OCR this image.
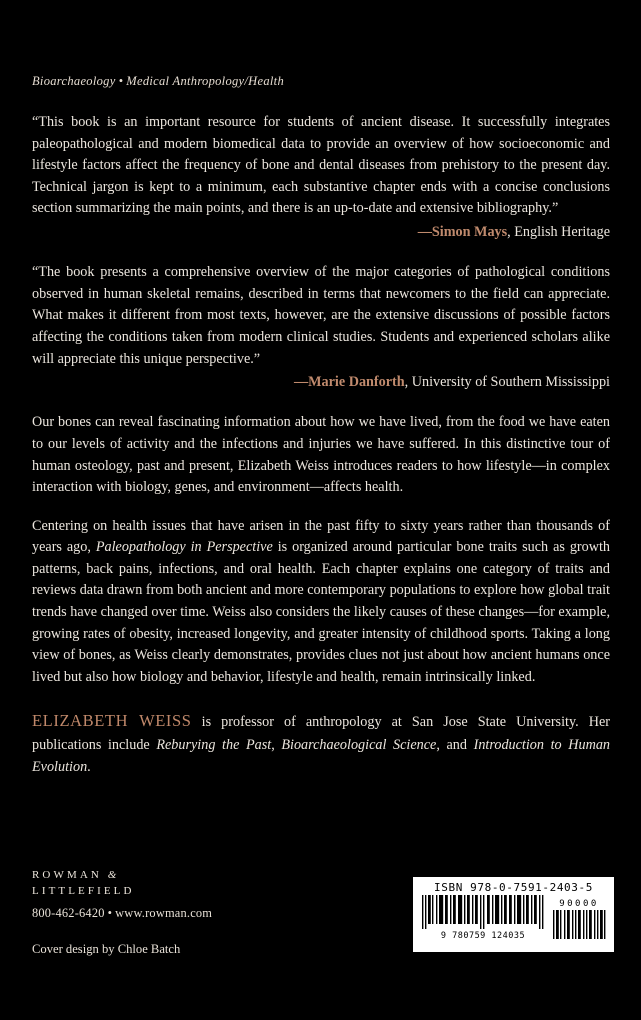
Bioarchaeology • Medical Anthropology/Health

“This book is an important resource for students of ancient disease. It successfully integrates paleopathological and modern biomedical data to provide an overview of how socioeconomic and lifestyle factors affect the frequency of bone and dental diseases from prehistory to the present day. Technical jargon is kept to a minimum, each substantive chapter ends with a concise conclusions section summarizing the main points, and there is an up-to-date and extensive bibliography.”

—Simon Mays, English Heritage

“The book presents a comprehensive overview of the major categories of pathological conditions observed in human skeletal remains, described in terms that newcomers to the field can appreciate. What makes it different from most texts, however, are the extensive discussions of possible factors affecting the conditions taken from modern clinical studies. Students and experienced scholars alike will appreciate this unique perspective.”

—Marie Danforth, University of Southern Mississippi

Our bones can reveal fascinating information about how we have lived, from the food we have eaten to our levels of activity and the infections and injuries we have suffered. In this distinctive tour of human osteology, past and present, Elizabeth Weiss introduces readers to how lifestyle—in complex interaction with biology, genes, and environment—affects health.

Centering on health issues that have arisen in the past fifty to sixty years rather than thousands of years ago, Paleopathology in Perspective is organized around particular bone traits such as growth patterns, back pains, infections, and oral health. Each chapter explains one category of traits and reviews data drawn from both ancient and more contemporary populations to explore how global trait trends have changed over time. Weiss also considers the likely causes of these changes—for example, growing rates of obesity, increased longevity, and greater intensity of childhood sports. Taking a long view of bones, as Weiss clearly demonstrates, provides clues not just about how ancient humans once lived but also how biology and behavior, lifestyle and health, remain intrinsically linked.

ELIZABETH WEISS is professor of anthropology at San Jose State University. Her publications include Reburying the Past, Bioarchaeological Science, and Introduction to Human Evolution.

ROWMAN &
LITTLEFIELD
800-462-6420 • www.rowman.com
Cover design by Chloe Batch
ISBN 978-0-7591-2403-5
9 780759 124035
90000
